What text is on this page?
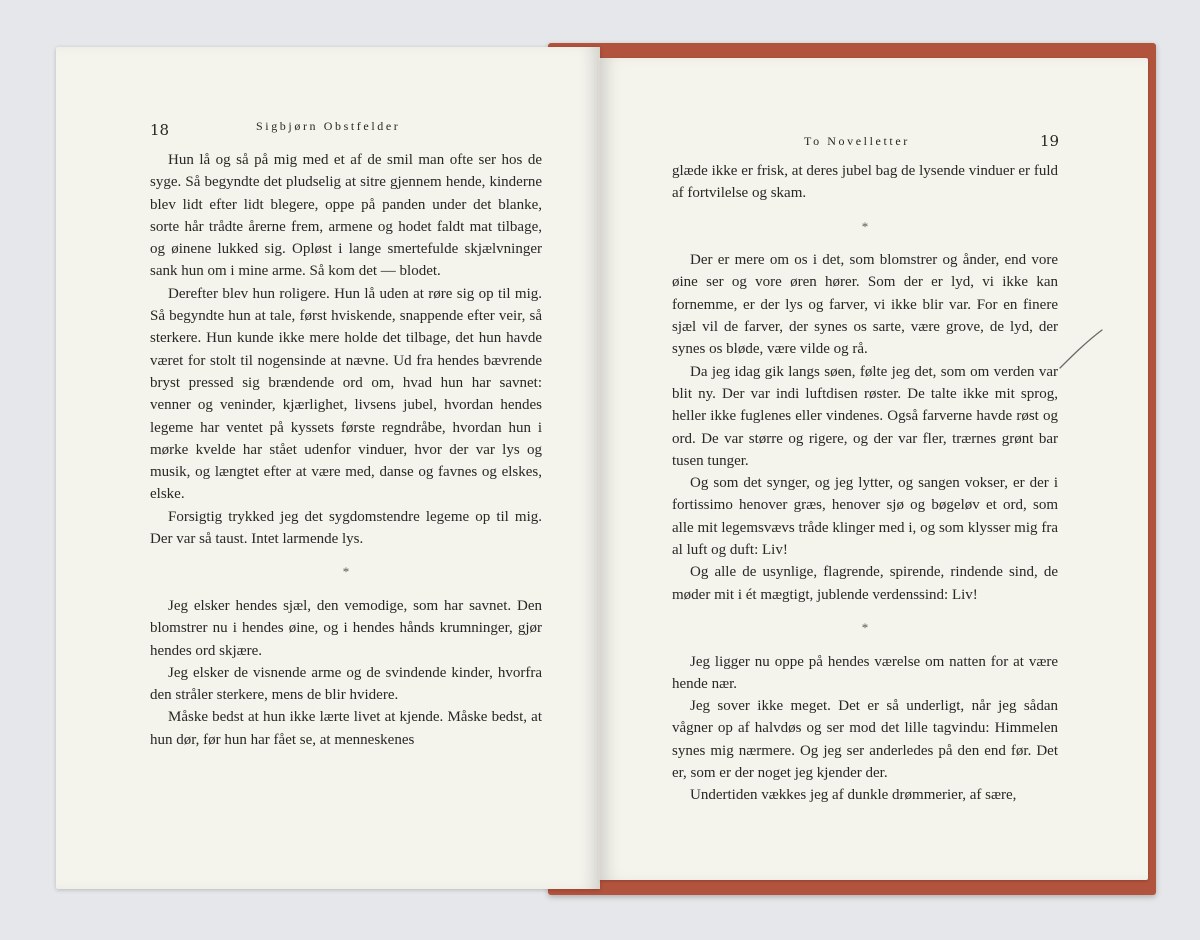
18	Sigbjørn Obstfelder

Hun lå og så på mig med et af de smil man ofte ser hos de syge. Så begyndte det pludselig at sitre gjennem hende, kinderne blev lidt efter lidt blegere, oppe på panden under det blanke, sorte hår trådte årerne frem, armene og hodet faldt mat tilbage, og øinene lukked sig. Opløst i lange smertefulde skjælvninger sank hun om i mine arme. Så kom det — blodet.

Derefter blev hun roligere. Hun lå uden at røre sig op til mig. Så begyndte hun at tale, først hviskende, snappende efter veir, så sterkere. Hun kunde ikke mere holde det tilbage, det hun havde været for stolt til nogensinde at nævne. Ud fra hendes bævrende bryst pressed sig brændende ord om, hvad hun har savnet: venner og veninder, kjærlighet, livsens jubel, hvordan hendes legeme har ventet på kyssets første regndråbe, hvordan hun i mørke kvelde har stået udenfor vinduer, hvor der var lys og musik, og længtet efter at være med, danse og favnes og elskes, elske.

Forsigtig trykked jeg det sygdomstendre legeme op til mig. Der var så taust. Intet larmende lys.

*

Jeg elsker hendes sjæl, den vemodige, som har savnet. Den blomstrer nu i hendes øine, og i hendes hånds krumninger, gjør hendes ord skjære.

Jeg elsker de visnende arme og de svindende kinder, hvorfra den stråler sterkere, mens de blir hvidere.

Måske bedst at hun ikke lærte livet at kjende. Måske bedst, at hun dør, før hun har fået se, at menneskenes

To Novelletter	19

glæde ikke er frisk, at deres jubel bag de lysende vinduer er fuld af fortvilelse og skam.

*

Der er mere om os i det, som blomstrer og ånder, end vore øine ser og vore øren hører. Som der er lyd, vi ikke kan fornemme, er der lys og farver, vi ikke blir var. For en finere sjæl vil de farver, der synes os sarte, være grove, de lyd, der synes os bløde, være vilde og rå.

Da jeg idag gik langs søen, følte jeg det, som om verden var blit ny. Der var indi luftdisen røster. De talte ikke mit sprog, heller ikke fuglenes eller vindenes. Også farverne havde røst og ord. De var større og rigere, og der var fler, trærnes grønt bar tusen tunger.

Og som det synger, og jeg lytter, og sangen vokser, er der i fortissimo henover græs, henover sjø og bøgeløv et ord, som alle mit legemsvævs tråde klinger med i, og som klysser mig fra al luft og duft: Liv!

Og alle de usynlige, flagrende, spirende, rindende sind, de møder mit i ét mægtigt, jublende verdenssind: Liv!

*

Jeg ligger nu oppe på hendes værelse om natten for at være hende nær.

Jeg sover ikke meget. Det er så underligt, når jeg sådan vågner op af halvdøs og ser mod det lille tagvindu: Himmelen synes mig nærmere. Og jeg ser anderledes på den end før. Det er, som er der noget jeg kjender der.

Undertiden vækkes jeg af dunkle drømmerier, af sære,
